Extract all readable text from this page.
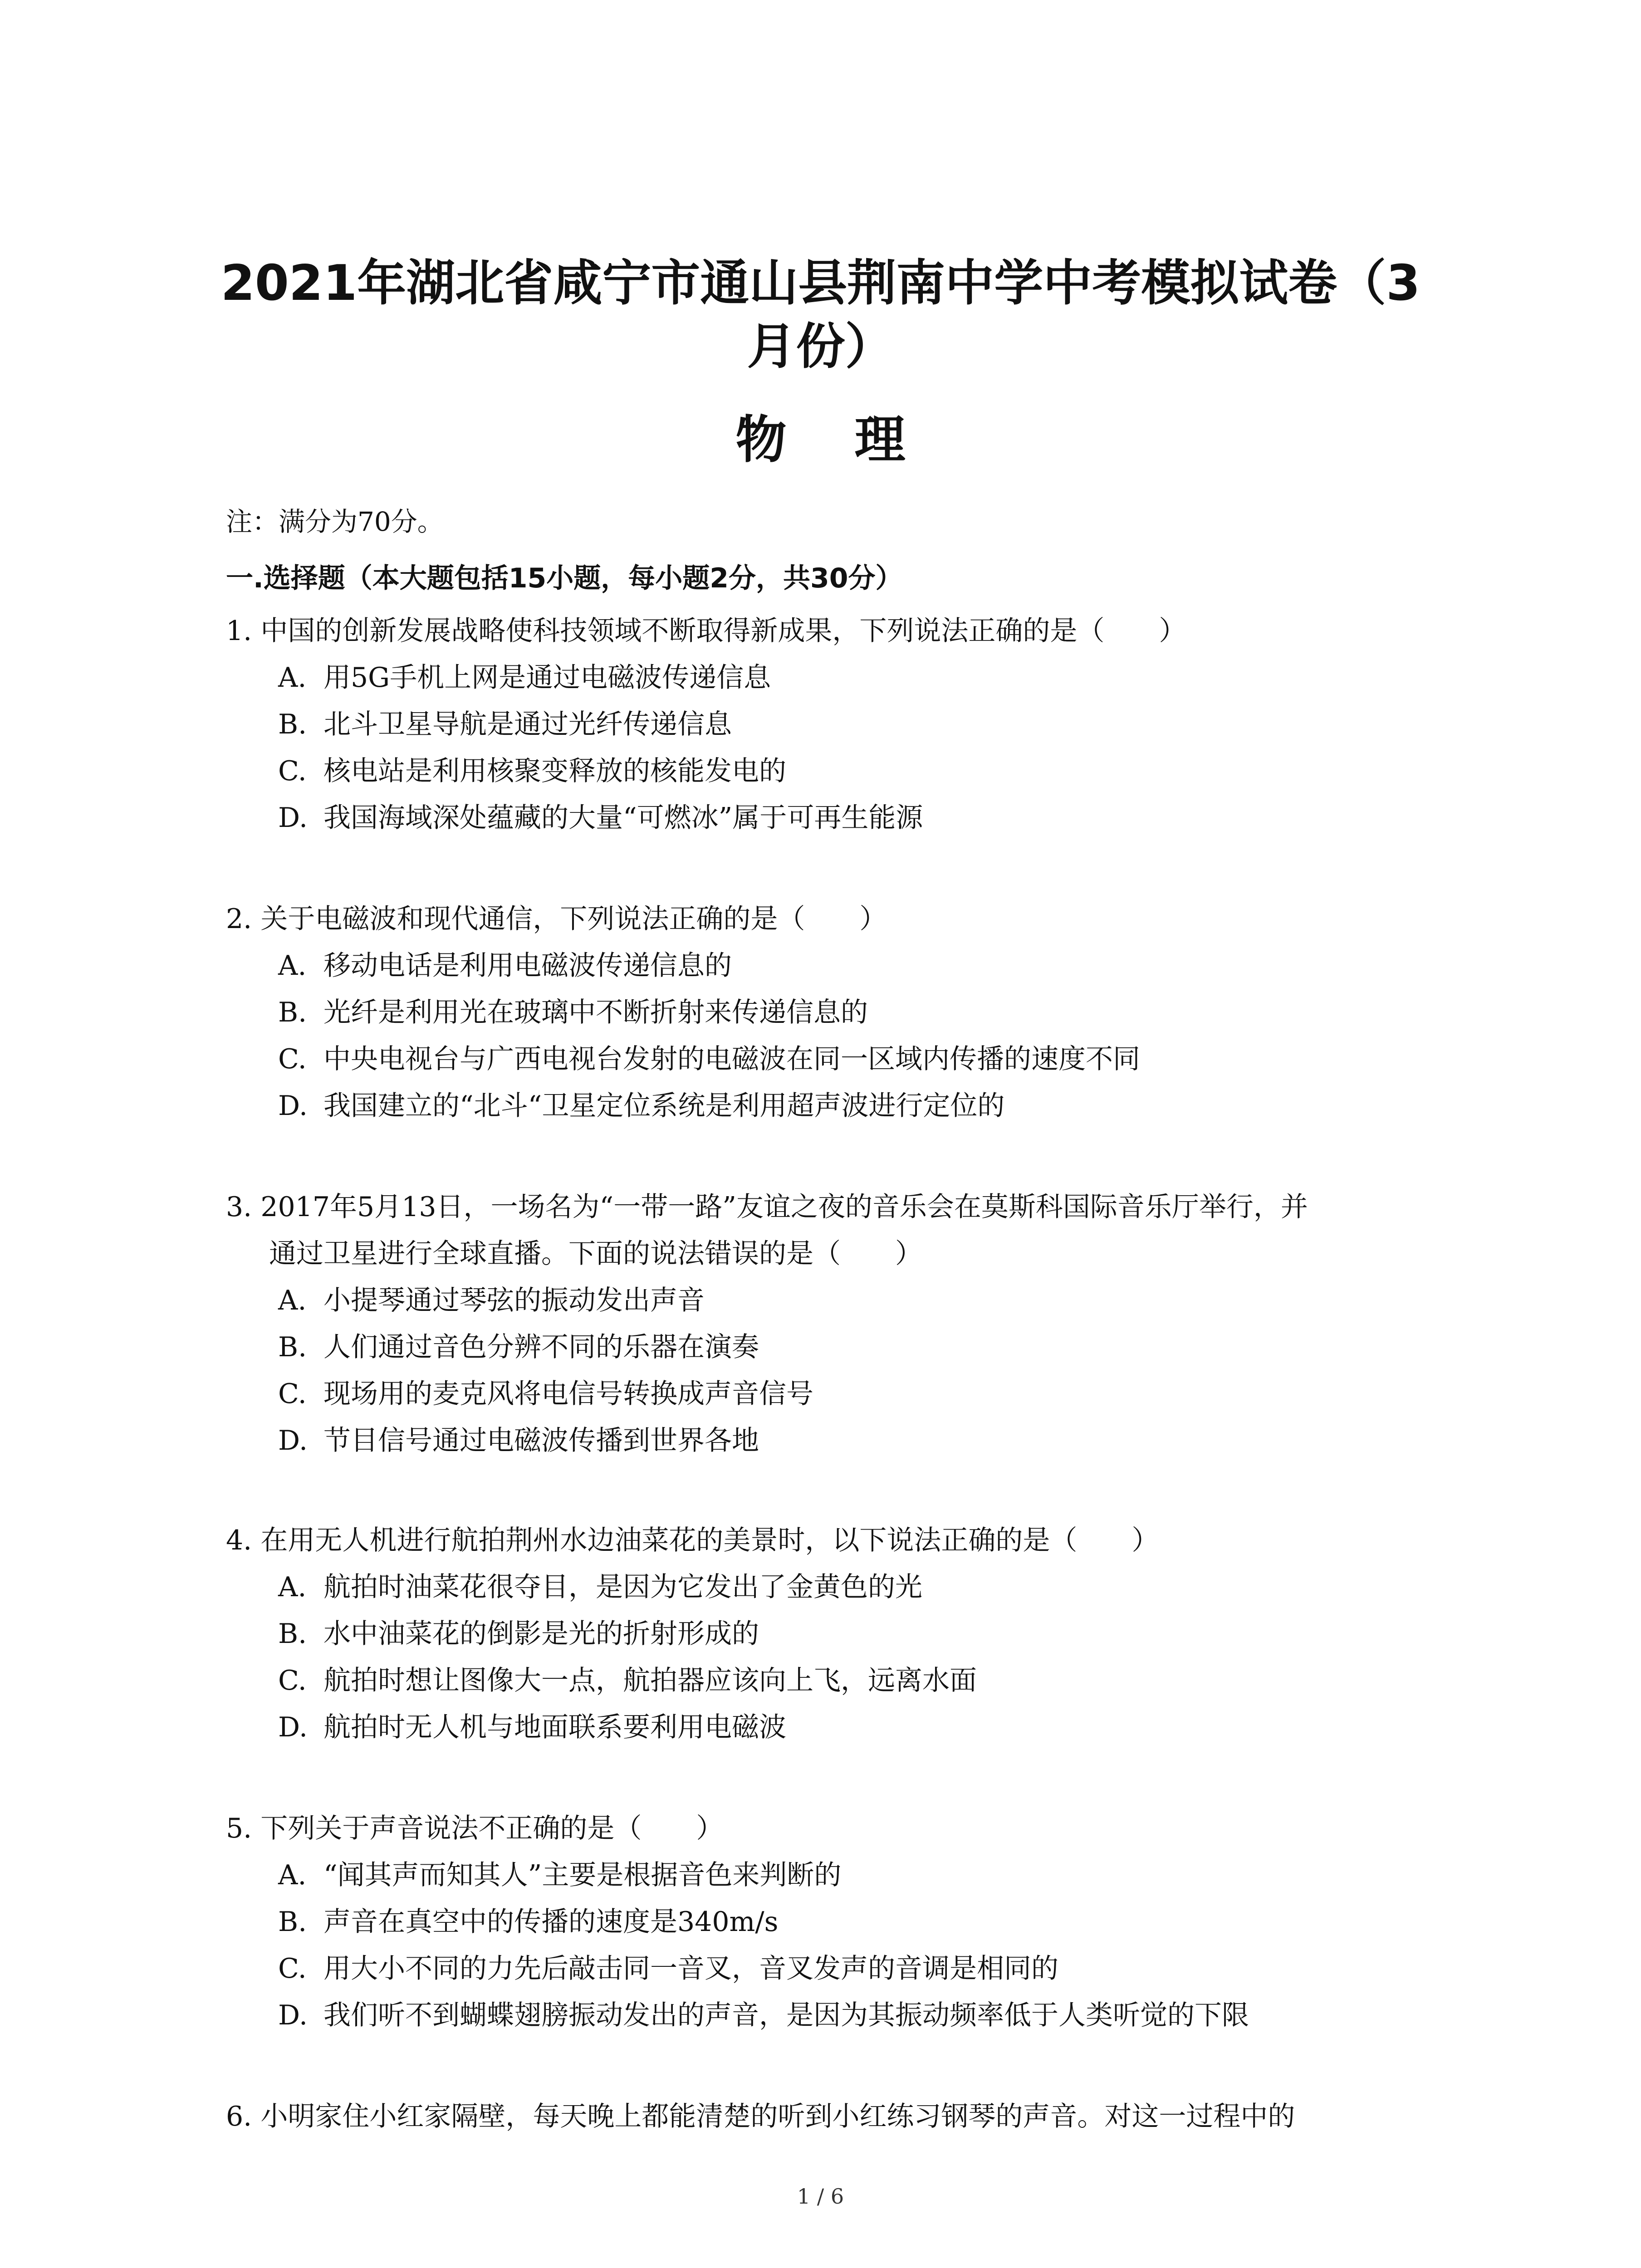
2021年湖北省咸宁市通山县荆南中学中考模拟试卷（3
月份）
物理
注：满分为70分。
一.选择题（本大题包括15小题，每小题2分，共30分）
1. 中国的创新发展战略使科技领域不断取得新成果，下列说法正确的是（　　）
A. 用5G手机上网是通过电磁波传递信息
B. 北斗卫星导航是通过光纤传递信息
C. 核电站是利用核聚变释放的核能发电的
D. 我国海域深处蕴藏的大量“可燃冰”属于可再生能源
2. 关于电磁波和现代通信，下列说法正确的是（　　）
A. 移动电话是利用电磁波传递信息的
B. 光纤是利用光在玻璃中不断折射来传递信息的
C. 中央电视台与广西电视台发射的电磁波在同一区域内传播的速度不同
D. 我国建立的“北斗“卫星定位系统是利用超声波进行定位的
3. 2017年5月13日，一场名为“一带一路”友谊之夜的音乐会在莫斯科国际音乐厅举行，并
通过卫星进行全球直播。下面的说法错误的是（　　）
A. 小提琴通过琴弦的振动发出声音
B. 人们通过音色分辨不同的乐器在演奏
C. 现场用的麦克风将电信号转换成声音信号
D. 节目信号通过电磁波传播到世界各地
4. 在用无人机进行航拍荆州水边油菜花的美景时，以下说法正确的是（　　）
A. 航拍时油菜花很夺目，是因为它发出了金黄色的光
B. 水中油菜花的倒影是光的折射形成的
C. 航拍时想让图像大一点，航拍器应该向上飞，远离水面
D. 航拍时无人机与地面联系要利用电磁波
5. 下列关于声音说法不正确的是（　　）
A. “闻其声而知其人”主要是根据音色来判断的
B. 声音在真空中的传播的速度是340m/s
C. 用大小不同的力先后敲击同一音叉，音叉发声的音调是相同的
D. 我们听不到蝴蝶翅膀振动发出的声音，是因为其振动频率低于人类听觉的下限
6. 小明家住小红家隔壁，每天晚上都能清楚的听到小红练习钢琴的声音。对这一过程中的
1 / 6
